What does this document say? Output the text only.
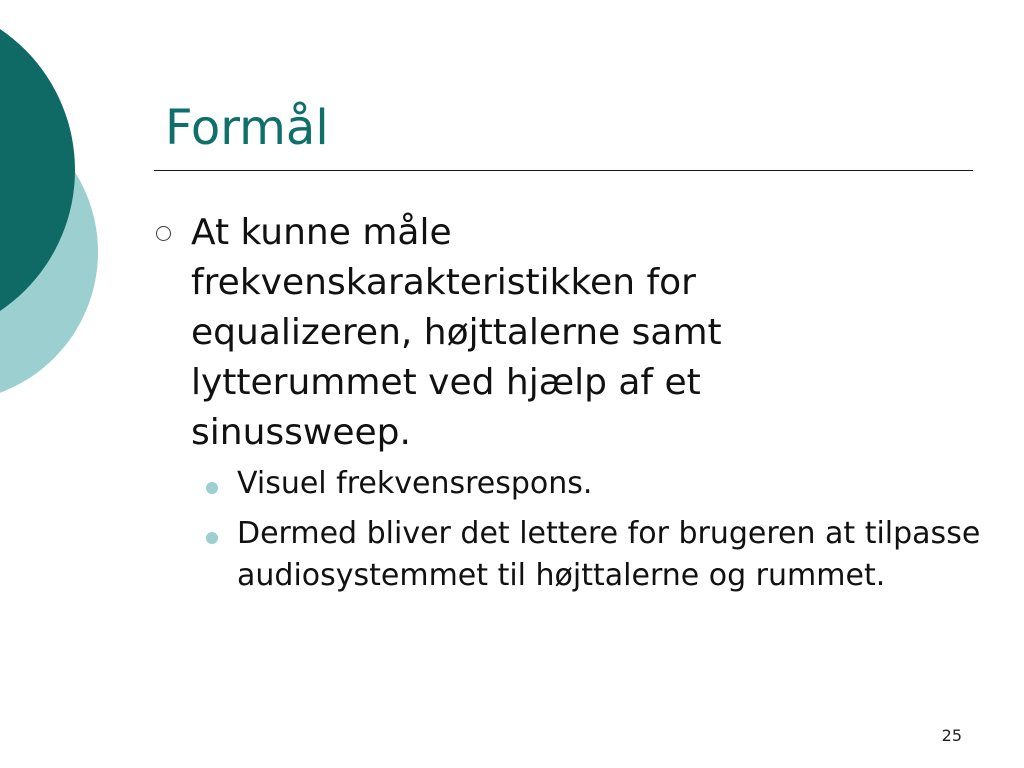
Formål

At kunne måle frekvenskarakteristikken for equalizeren, højttalerne samt lytterummet ved hjælp af et sinussweep.

Visuel frekvensrespons.

Dermed bliver det lettere for brugeren at tilpasse audiosystemmet til højttalerne og rummet.

25
